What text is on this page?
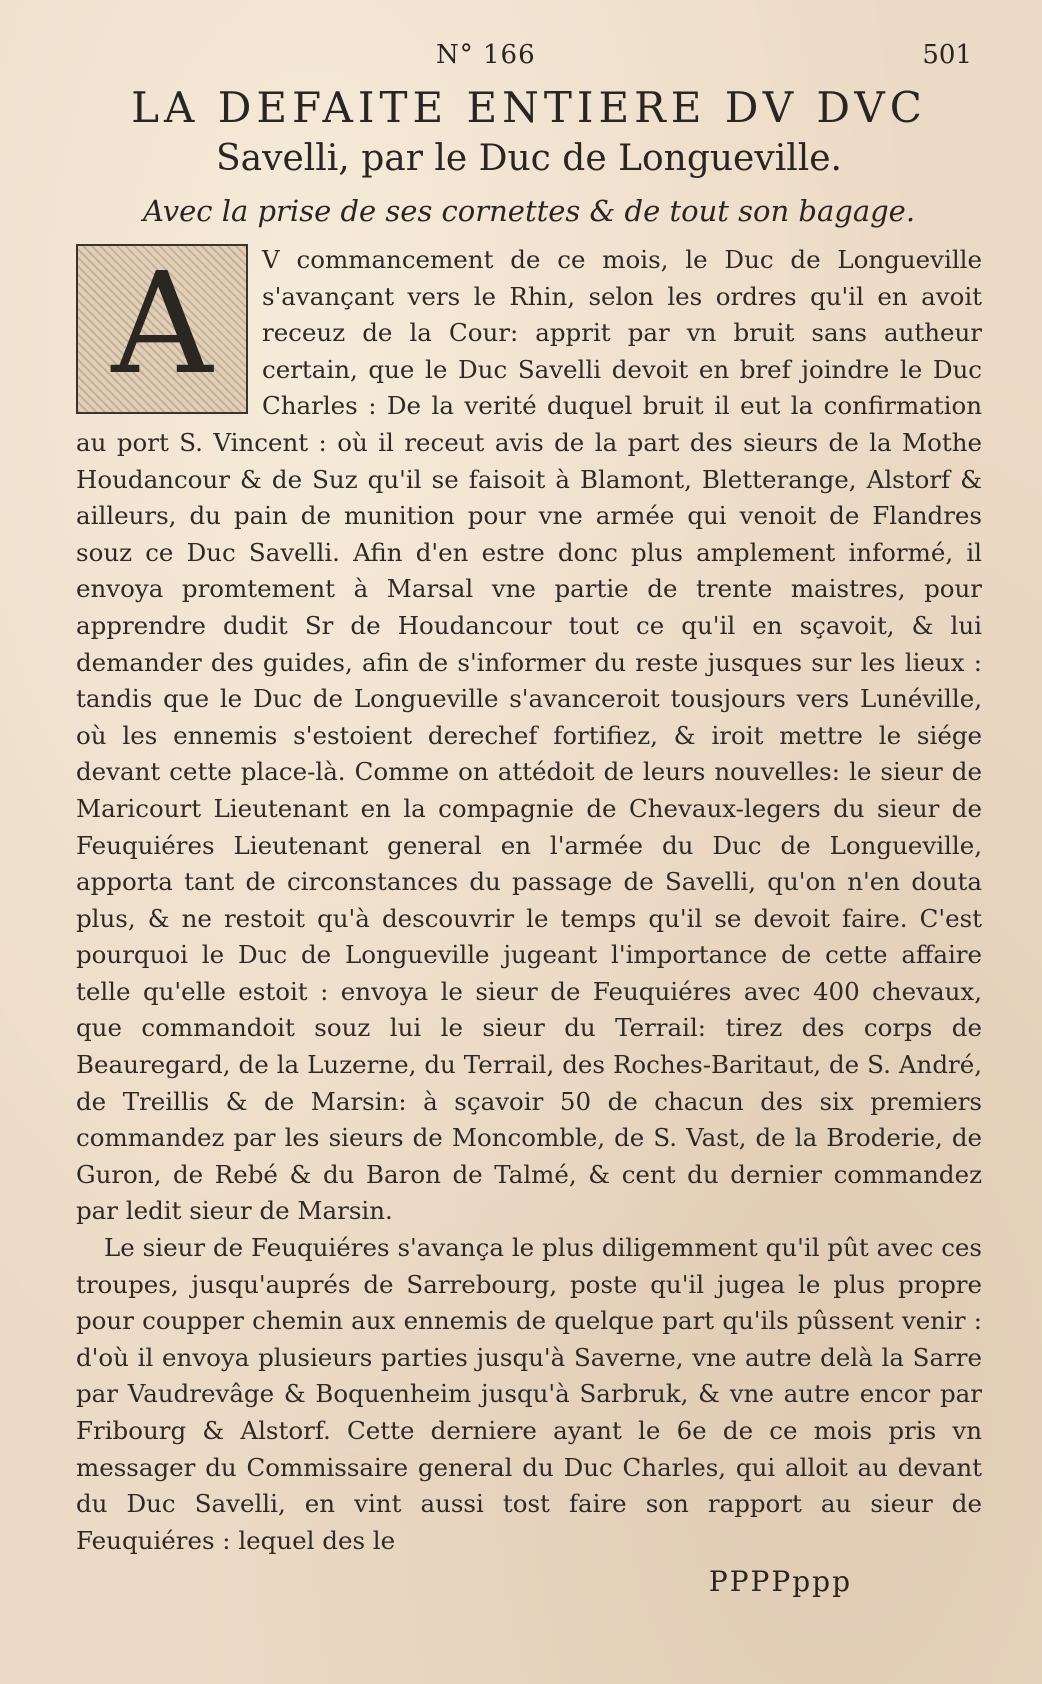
N° 166	501
LA DEFAITE ENTIERE DV DVC
Savelli, par le Duc de Longueville.
Avec la prise de ses cornettes & de tout son bagage.
A	V commancement de ce mois, le Duc de Longueville s'avançant vers le Rhin, selon les ordres qu'il en avoit receuz de la Cour: apprit par vn bruit sans autheur certain, que le Duc Savelli devoit en bref joindre le Duc Charles : De la verité duquel bruit il eut la confirmation au port S. Vincent : où il receut avis de la part des sieurs de la Mothe Houdancour & de Suz qu'il se faisoit à Blamont, Bletterange, Alstorf & ailleurs, du pain de munition pour vne armée qui venoit de Flandres souz ce Duc Savelli. Afin d'en estre donc plus amplement informé, il envoya promtement à Marsal vne partie de trente maistres, pour apprendre dudit Sr de Houdancour tout ce qu'il en sçavoit, & lui demander des guides, afin de s'informer du reste jusques sur les lieux : tandis que le Duc de Longueville s'avanceroit tousjours vers Lunéville, où les ennemis s'estoient derechef fortifiez, & iroit mettre le siége devant cette place-là. Comme on attédoit de leurs nouvelles: le sieur de Maricourt Lieutenant en la compagnie de Chevaux-legers du sieur de Feuquiéres Lieutenant general en l'armée du Duc de Longueville, apporta tant de circonstances du passage de Savelli, qu'on n'en douta plus, & ne restoit qu'à descouvrir le temps qu'il se devoit faire. C'est pourquoi le Duc de Longueville jugeant l'importance de cette affaire telle qu'elle estoit : envoya le sieur de Feuquiéres avec 400 chevaux, que commandoit souz lui le sieur du Terrail: tirez des corps de Beauregard, de la Luzerne, du Terrail, des Roches-Baritaut, de S. André, de Treillis & de Marsin: à sçavoir 50 de chacun des six premiers commandez par les sieurs de Moncomble, de S. Vast, de la Broderie, de Guron, de Rebé & du Baron de Talmé, & cent du dernier commandez par ledit sieur de Marsin.

Le sieur de Feuquiéres s'avança le plus diligemment qu'il pût avec ces troupes, jusqu'auprés de Sarrebourg, poste qu'il jugea le plus propre pour coupper chemin aux ennemis de quelque part qu'ils pûssent venir : d'où il envoya plusieurs parties jusqu'à Saverne, vne autre delà la Sarre par Vaudrevâge & Boquenheim jusqu'à Sarbruk, & vne autre encor par Fribourg & Alstorf. Cette derniere ayant le 6e de ce mois pris vn messager du Commissaire general du Duc Charles, qui alloit au devant du Duc Savelli, en vint aussi tost faire son rapport au sieur de Feuquiéres : lequel des le

PPPPppp
